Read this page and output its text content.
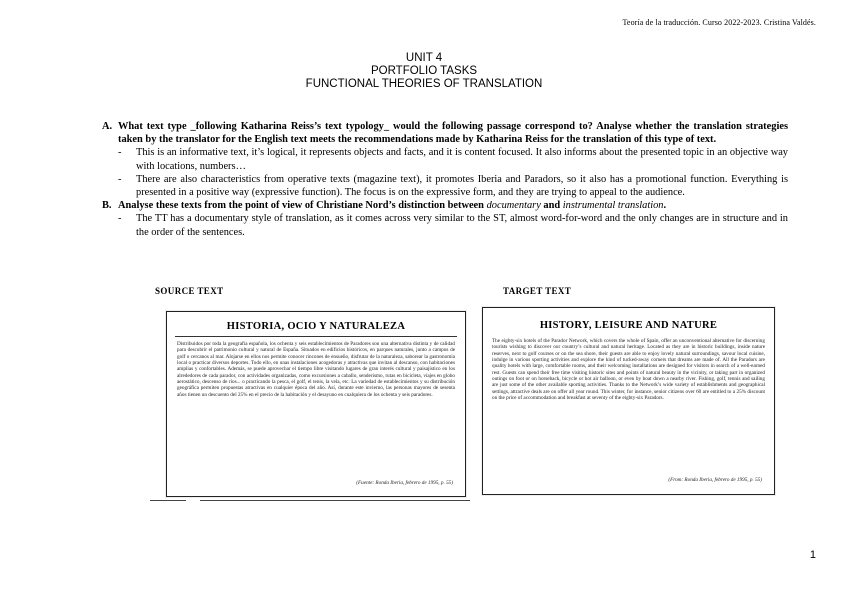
Teoría de la traducción. Curso 2022-2023. Cristina Valdés.
UNIT 4
PORTFOLIO TASKS
FUNCTIONAL THEORIES OF TRANSLATION
A. What text type _following Katharina Reiss’s text typology_ would the following passage correspond to? Analyse whether the translation strategies taken by the translator for the English text meets the recommendations made by Katharina Reiss for the translation of this type of text.
-	This is an informative text, it’s logical, it represents objects and facts, and it is content focused. It also informs about the presented topic in an objective way with locations, numbers…
-	There are also characteristics from operative texts (magazine text), it promotes Iberia and Paradors, so it also has a promotional function. Everything is presented in a positive way (expressive function). The focus is on the expressive form, and they are trying to appeal to the audience.
B. Analyse these texts from the point of view of Christiane Nord’s distinction between documentary and instrumental translation.
-	The TT has a documentary style of translation, as it comes across very similar to the ST, almost word-for-word and the only changes are in structure and in the order of the sentences.
SOURCE TEXT	TARGET TEXT
HISTORIA, OCIO Y NATURALEZA
Distribuidos por toda la geografía española, los ochenta y seis establecimientos de Paradores son una alternativa distinta y de calidad para descubrir el patrimonio cultural y natural de España. Situados en edificios históricos, en parques naturales, junto a campos de golf o cercanos al mar. Alojarse en ellos nos permite conocer rincones de ensueño, disfrutar de la naturaleza, saborear la gastronomía local o practicar diversos deportes. Todo ello, en unas instalaciones acogedoras y atractivas que invitan al descanso, con habitaciones amplias y confortables. Además, se puede aprovechar el tiempo libre visitando lugares de gran interés cultural y paisajístico en los alrededores de cada parador, con actividades organizadas, como excursiones a caballo, senderismo, rutas en bicicleta, viajes en globo aerostático, descenso de ríos... o practicando la pesca, el golf, el tenis, la vela, etc. La variedad de establecimientos y su distribución geográfica permiten propuestas atractivas en cualquier época del año. Así, durante este invierno, las personas mayores de sesenta años tienen un descuento del 25% en el precio de la habitación y el desayuno en cualquiera de los ochenta y seis paradores.
(Fuente: Ronda Iberia, febrero de 1995, p. 55)
HISTORY, LEISURE AND NATURE
The eighty-six hotels of the Parador Network, which covers the whole of Spain, offer an unconventional alternative for discerning tourists wishing to discover our country’s cultural and natural heritage. Located as they are in historic buildings, inside nature reserves, next to golf courses or on the sea shore, their guests are able to enjoy lovely natural surroundings, savour local cuisine, indulge in various sporting activities and explore the kind of tucked-away corners that dreams are made of. All the Paradors are quality hotels with large, comfortable rooms, and their welcoming installations are designed for visitors in search of a well-earned rest. Guests can spend their free time visiting historic sites and points of natural beauty in the vicinity, or taking part in organized outings on foot or on horseback, bicycle or hot air balloon, or even by boat down a nearby river. Fishing, golf, tennis and sailing are just some of the other available sporting activities. Thanks to the Network’s wide variety of establishments and geographical settings, attractive deals are on offer all year round. This winter, for instance, senior citizens over 60 are entitled to a 25% discount on the price of accommodation and breakfast at seventy of the eighty-six Paradors.
(From: Ronda Iberia, febrero de 1995, p. 55)
1
